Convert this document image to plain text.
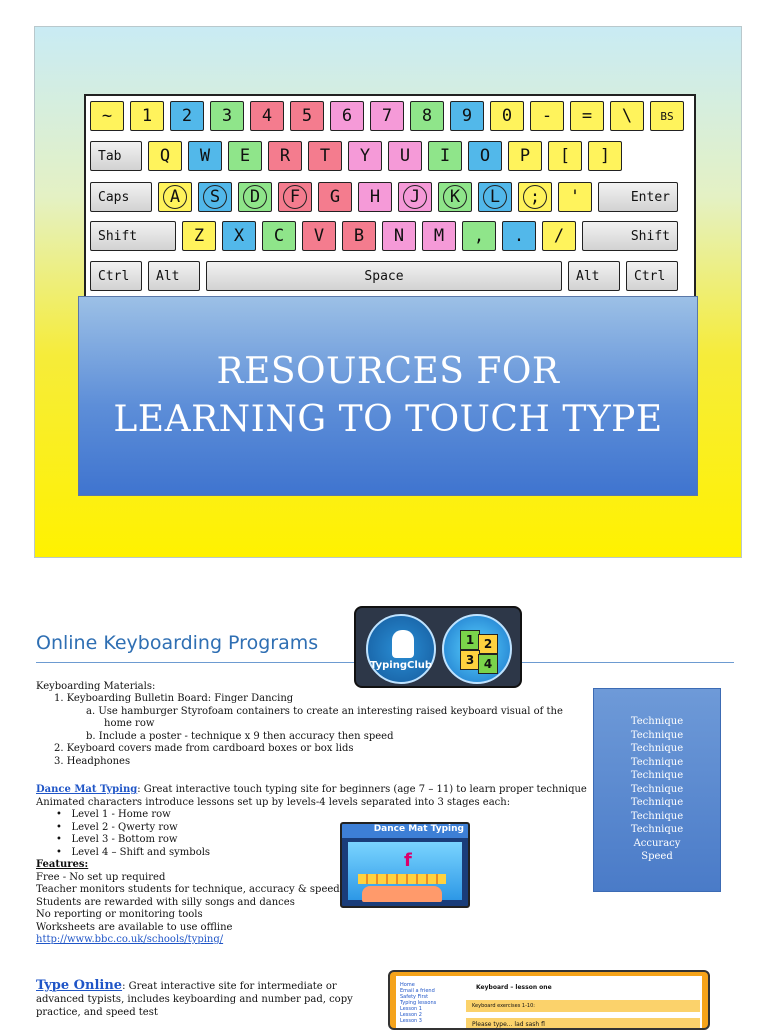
~	1	2	3	4	5	6	7	8	9	0	-	=	\	BS
Tab	Q	W	E	R	T	Y	U	I	O	P	[	]
Caps	A	S	D	F	G	H	J	K	L	;	'	Enter
Shift	Z	X	C	V	B	N	M	,	.	/	Shift
Ctrl	Alt	Space	Alt	Ctrl
RESOURCES FOR
LEARNING TO TOUCH TYPE
Online Keyboarding Programs
TypingClub
1 2
3 4
Keyboarding Materials:
1. Keyboarding Bulletin Board: Finger Dancing
a. Use hamburger Styrofoam containers to create an interesting raised keyboard visual of the
home row
b. Include a poster - technique x 9 then accuracy then speed
2. Keyboard covers made from cardboard boxes or box lids
3. Headphones
Dance Mat Typing: Great interactive touch typing site for beginners (age 7 – 11) to learn proper technique
Animated characters introduce lessons set up by levels-4 levels separated into 3 stages each:
•   Level 1 - Home row
•   Level 2 - Qwerty row
•   Level 3 - Bottom row
•   Level 4 – Shift and symbols
Features:
Free - No set up required
Teacher monitors students for technique, accuracy & speed
Students are rewarded with silly songs and dances
No reporting or monitoring tools
Worksheets are available to use offline
http://www.bbc.co.uk/schools/typing/
Technique
Technique
Technique
Technique
Technique
Technique
Technique
Technique
Technique
Accuracy
Speed
Dance Mat Typing
f
Type Online: Great interactive site for intermediate or
advanced typists, includes keyboarding and number pad, copy
practice, and speed test
Home
Email a friend
Safety First
Typing lessons
Lesson 1
Lesson 2
Lesson 3
Keyboard – lesson one
Keyboard exercises 1-10:
Please type... lad sash fl
